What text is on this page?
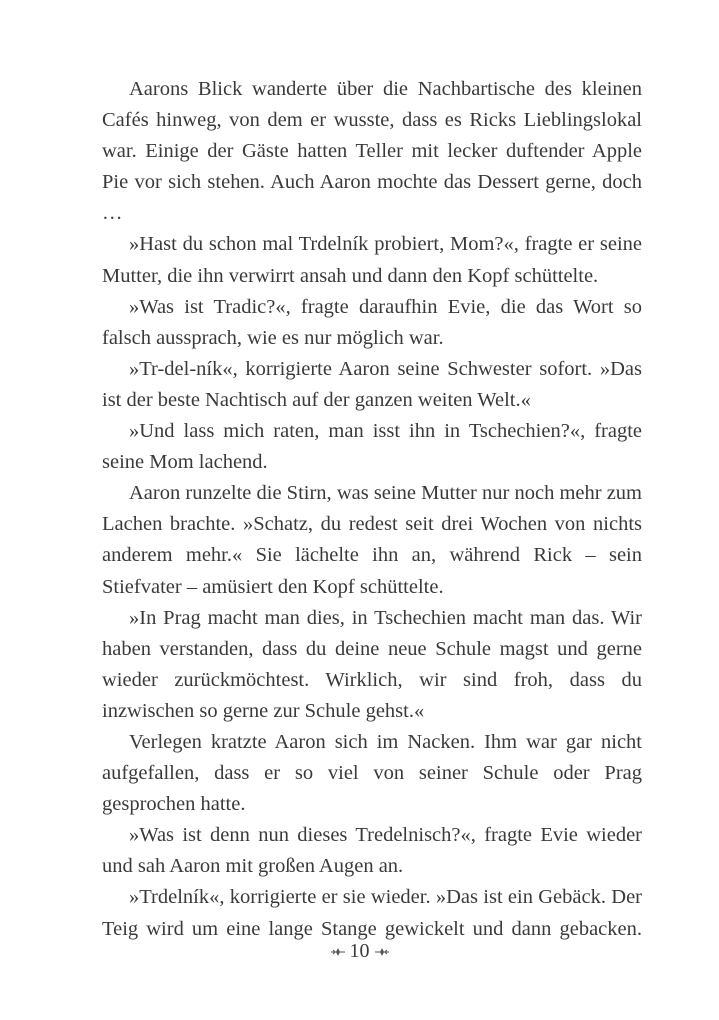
Aarons Blick wanderte über die Nachbartische des kleinen Cafés hinweg, von dem er wusste, dass es Ricks Lieblingslokal war. Einige der Gäste hatten Teller mit lecker duftender Apple Pie vor sich stehen. Auch Aaron mochte das Dessert gerne, doch …

»Hast du schon mal Trdelník probiert, Mom?«, fragte er seine Mutter, die ihn verwirrt ansah und dann den Kopf schüttelte.

»Was ist Tradic?«, fragte daraufhin Evie, die das Wort so falsch aussprach, wie es nur möglich war.

»Tr-del-ník«, korrigierte Aaron seine Schwester sofort. »Das ist der beste Nachtisch auf der ganzen weiten Welt.«

»Und lass mich raten, man isst ihn in Tschechien?«, fragte seine Mom lachend.

Aaron runzelte die Stirn, was seine Mutter nur noch mehr zum Lachen brachte. »Schatz, du redest seit drei Wochen von nichts anderem mehr.« Sie lächelte ihn an, während Rick – sein Stiefvater – amüsiert den Kopf schüttelte.

»In Prag macht man dies, in Tschechien macht man das. Wir haben verstanden, dass du deine neue Schule magst und gerne wieder zurückmöchtest. Wirklich, wir sind froh, dass du inzwischen so gerne zur Schule gehst.«

Verlegen kratzte Aaron sich im Nacken. Ihm war gar nicht aufgefallen, dass er so viel von seiner Schule oder Prag gesprochen hatte.

»Was ist denn nun dieses Tredelnisch?«, fragte Evie wieder und sah Aaron mit großen Augen an.

»Trdelník«, korrigierte er sie wieder. »Das ist ein Gebäck. Der Teig wird um eine lange Stange gewickelt und dann gebacken.

10
